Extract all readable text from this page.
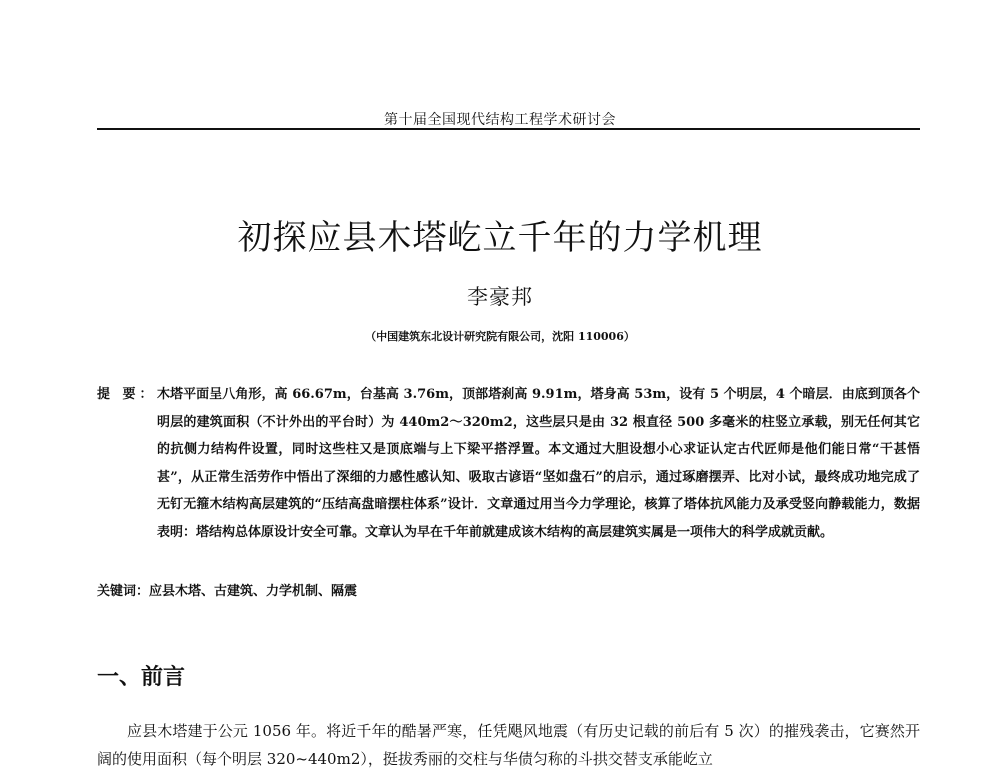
第十届全国现代结构工程学术研讨会
初探应县木塔屹立千年的力学机理
李豪邦
（中国建筑东北设计研究院有限公司，沈阳 110006）
提 要： 木塔平面呈八角形，高 66.67m，台基高 3.76m，顶部塔刹高 9.91m，塔身高 53m，设有 5 个明层，4 个暗层．由底到顶各个明层的建筑面积（不计外出的平台时）为 440m2～320m2，这些层只是由 32 根直径 500 多毫米的柱竖立承载，别无任何其它的抗侧力结构件设置，同时这些柱又是顶底端与上下梁平搭浮置。本文通过大胆设想小心求证认定古代匠师是他们能日常“干甚悟甚”，从正常生活劳作中悟出了深细的力感性感认知、吸取古谚语“坚如盘石”的启示，通过琢磨摆弄、比对小试，最终成功地完成了无钉无箍木结构高层建筑的“压结高盘暗摆柱体系”设计．文章通过用当今力学理论，核算了塔体抗风能力及承受竖向静载能力，数据表明：塔结构总体原设计安全可靠。文章认为早在千年前就建成该木结构的高层建筑实属是一项伟大的科学成就贡献。
关键词：应县木塔、古建筑、力学机制、隔震
一、前言
应县木塔建于公元 1056 年。将近千年的酷暑严寒，任凭飓风地震（有历史记载的前后有 5 次）的摧残袭击，它赛然开阔的使用面积（每个明层 320~440m2），挺拔秀丽的交柱与华债匀称的斗拱交替支承能屹立
